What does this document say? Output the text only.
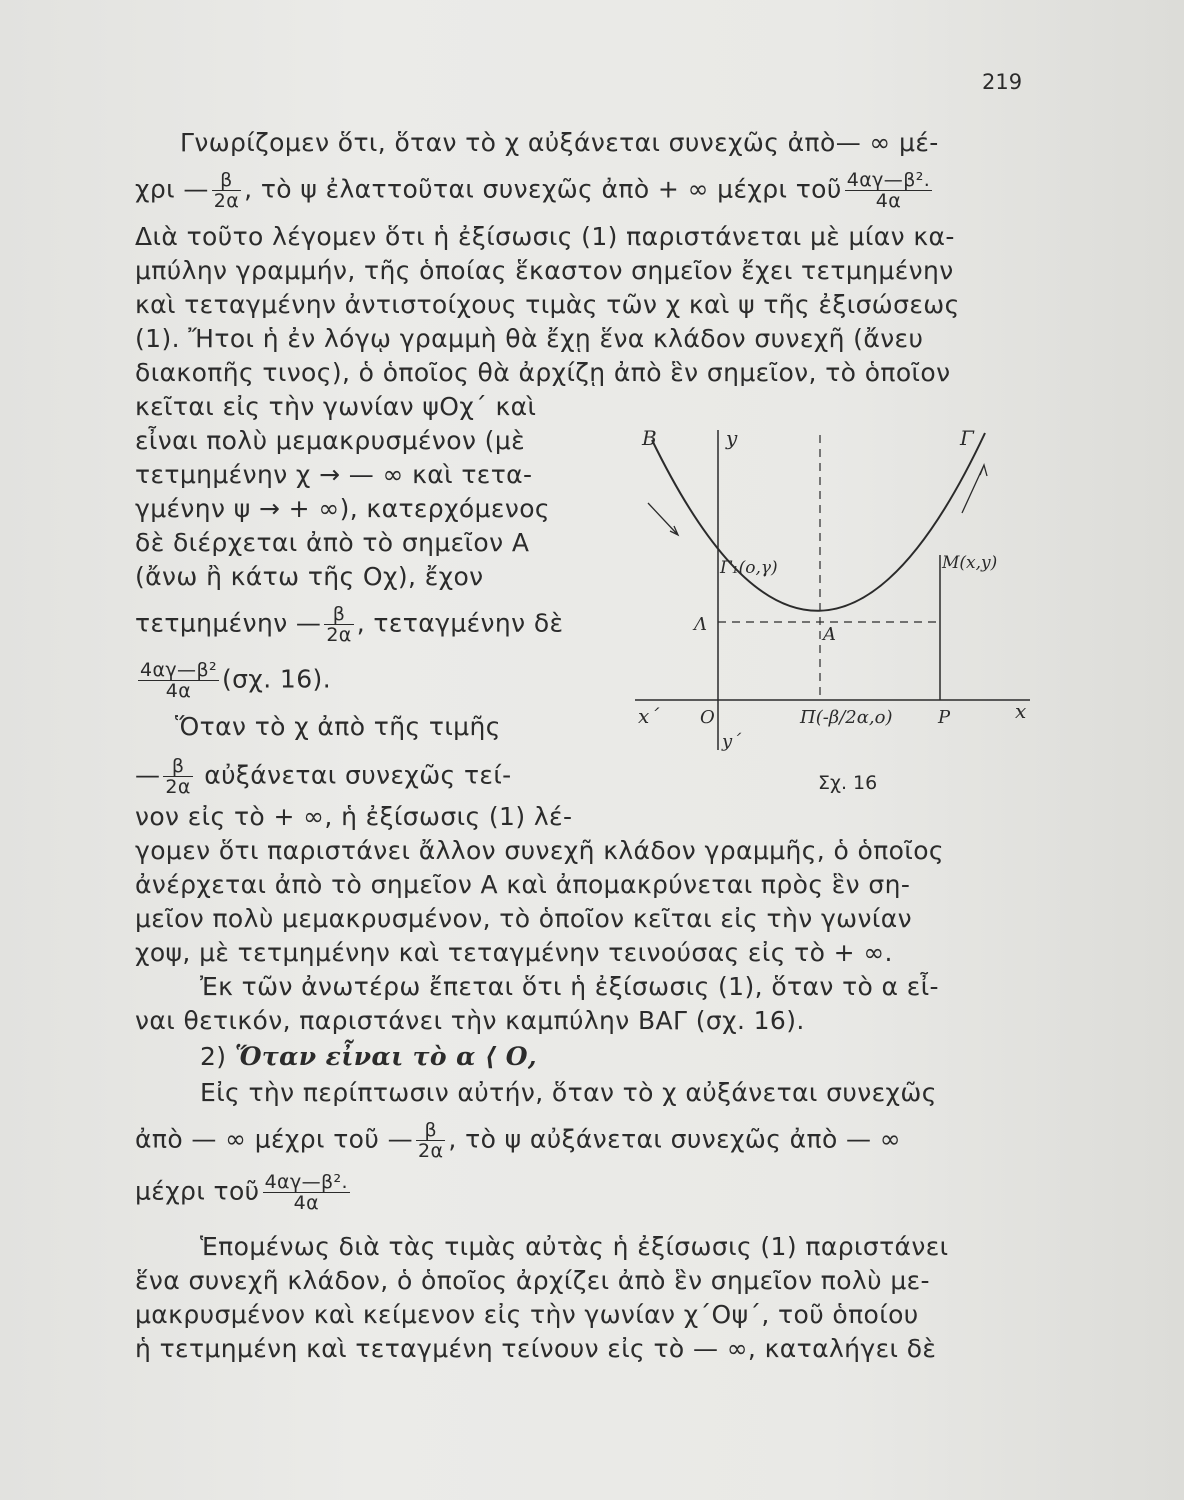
219
Γνωρίζομεν ὅτι, ὅταν τὸ χ αὐξάνεται συνεχῶς ἀπὸ— ∞ μέ-
χρι — $\frac{\beta}{2\alpha}$ , τὸ ψ ἐλαττοῦται συνεχῶς ἀπὸ + ∞ μέχρι τοῦ $\frac{\text{4αγ—β².}}{4\alpha}$
Διὰ τοῦτο λέγομεν ὅτι ἡ ἐξίσωσις (1) παριστάνεται μὲ μίαν κα-
μπύλην γραμμήν, τῆς ὁποίας ἕκαστον σημεῖον ἔχει τετμημένην
καὶ τεταγμένην ἀντιστοίχους τιμὰς τῶν χ καὶ ψ τῆς ἐξισώσεως
(1). Ἤτοι ἡ ἐν λόγῳ γραμμὴ θὰ ἔχῃ ἕνα κλάδον συνεχῆ (ἄνευ
διακοπῆς τινος), ὁ ὁποῖος θὰ ἀρχίζῃ ἀπὸ ἓν σημεῖον, τὸ ὁποῖον
κεῖται εἰς τὴν γωνίαν ψΟχ΄ καὶ
εἶναι πολὺ μεμακρυσμένον (μὲ
τετμημένην χ → — ∞ καὶ τετα-
γμένην ψ → + ∞), κατερχόμενος
δὲ διέρχεται ἀπὸ τὸ σημεῖον Α
(ἄνω ἢ κάτω τῆς Οχ), ἔχον
τετμημένην — $\frac{\beta}{2\alpha}$ , τεταγμένην δὲ
$\frac{\text{4αγ—β²}}{4\alpha} (\sigma\chi$. 16).
Ὅταν τὸ χ ἀπὸ τῆς τιμῆς
— $\frac{\beta}{2\alpha}$ αὐξάνεται συνεχῶς τεί-
νον εἰς τὸ + ∞, ἡ ἐξίσωσις (1) λέ-
γομεν ὅτι παριστάνει ἄλλον συνεχῆ κλάδον γραμμῆς, ὁ ὁποῖος
ἀνέρχεται ἀπὸ τὸ σημεῖον Α καὶ ἀπομακρύνεται πρὸς ἓν ση-
μεῖον πολὺ μεμακρυσμένον, τὸ ὁποῖον κεῖται εἰς τὴν γωνίαν
χοψ, μὲ τετμημένην καὶ τεταγμένην τεινούσας εἰς τὸ + ∞.
Ἐκ τῶν ἀνωτέρω ἔπεται ὅτι ἡ ἐξίσωσις (1), ὅταν τὸ α εἶ-
ναι θετικόν, παριστάνει τὴν καμπύλην ΒΑΓ (σχ. 16).
2) Ὅταν εἶναι τὸ α ⟨ Ο,
Εἰς τὴν περίπτωσιν αὐτήν, ὅταν τὸ χ αὐξάνεται συνεχῶς
ἀπὸ — ∞ μέχρι τοῦ — $\frac{\beta}{2\alpha}$ , τὸ ψ αὐξάνεται συνεχῶς ἀπὸ — ∞
μέχρι τοῦ $\frac{\text{4αγ—β².}}{4\alpha}$
Ἑπομένως διὰ τὰς τιμὰς αὐτὰς ἡ ἐξίσωσις (1) παριστάνει
ἕνα συνεχῆ κλάδον, ὁ ὁποῖος ἀρχίζει ἀπὸ ἓν σημεῖον πολὺ με-
μακρυσμένον καὶ κείμενον εἰς τὴν γωνίαν χ΄Οψ΄, τοῦ ὁποίου
ἡ τετμημένη καὶ τεταγμένη τείνουν εἰς τὸ — ∞, καταλήγει δὲ
B	y	Γ
Γ₁(o,γ)	M(x,y)
Λ	A
x΄ O	Π(-β/2α,o)	P	x
y΄
Σχ. 16
